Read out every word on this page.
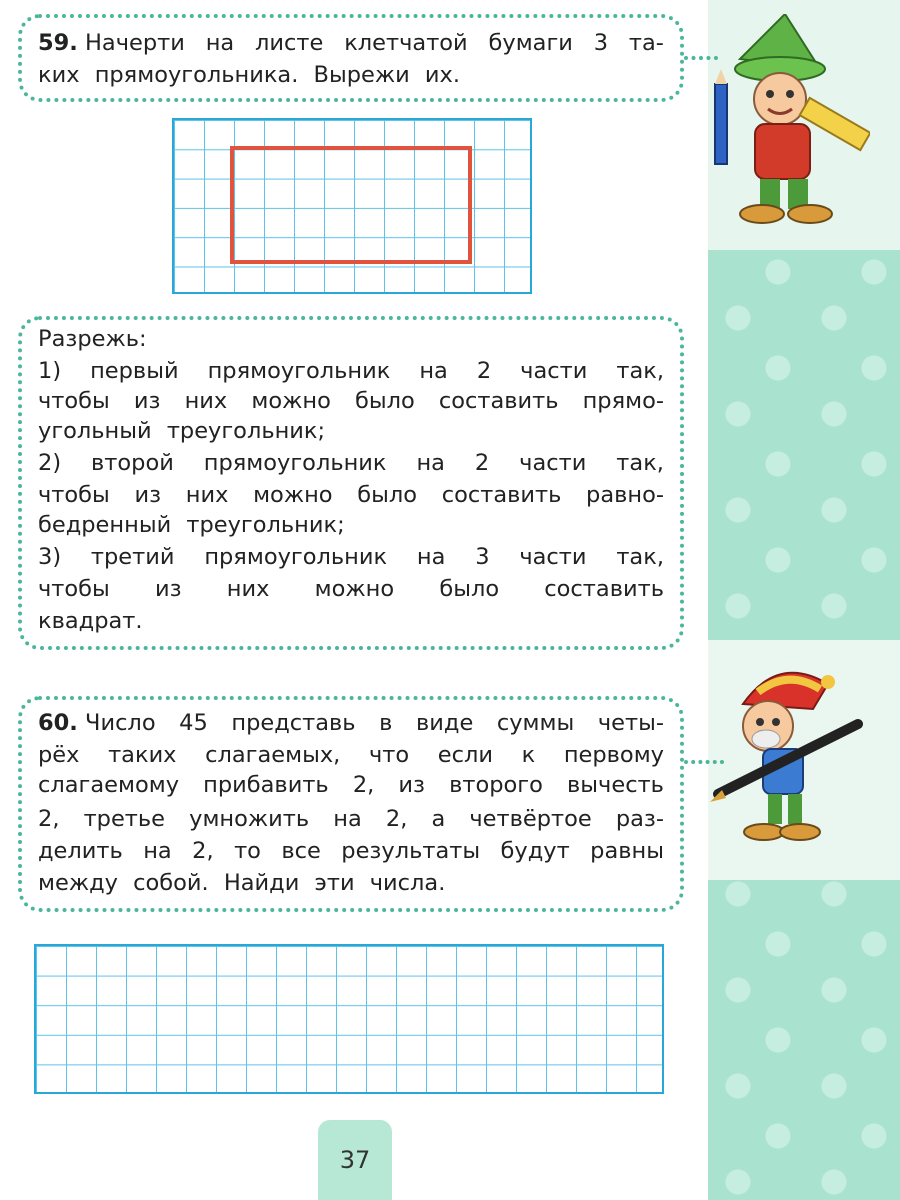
59. Начерти на листе клетчатой бумаги 3 та-
ких прямоугольника. Вырежи их.
Разрежь:
1) первый прямоугольник на 2 части так,
чтобы из них можно было составить прямо-
угольный треугольник;
2) второй прямоугольник на 2 части так,
чтобы из них можно было составить равно-
бедренный треугольник;
3) третий прямоугольник на 3 части так,
чтобы из них можно было составить
квадрат.
60. Число 45 представь в виде суммы четы-
рёх таких слагаемых, что если к первому
слагаемому прибавить 2, из второго вычесть
2, третье умножить на 2, а четвёртое раз-
делить на 2, то все результаты будут равны
между собой. Найди эти числа.
37
